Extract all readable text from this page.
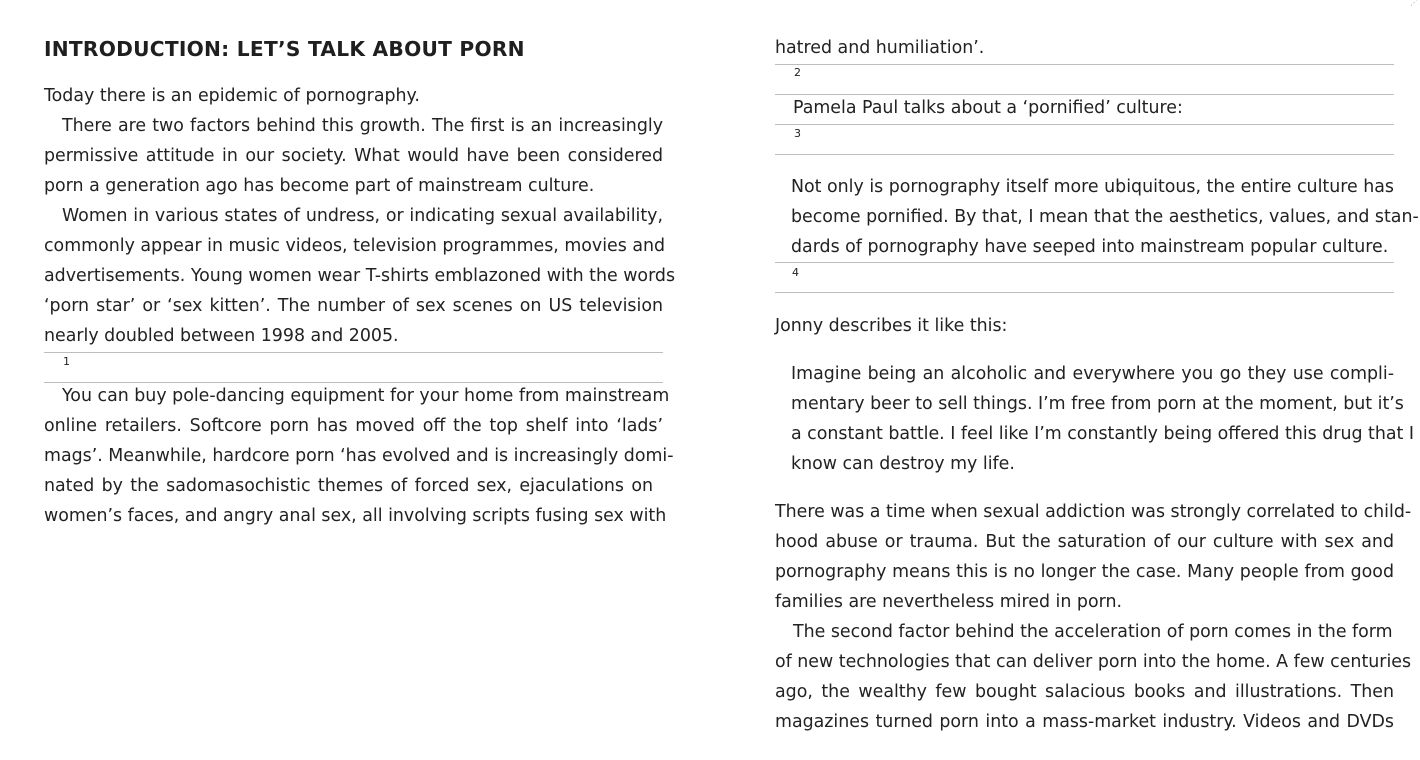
INTRODUCTION: LET’S TALK ABOUT PORN
Today there is an epidemic of pornography.
There are two factors behind this growth. The first is an increasingly
permissive attitude in our society. What would have been considered
porn a generation ago has become part of mainstream culture.
Women in various states of undress, or indicating sexual availability,
commonly appear in music videos, television programmes, movies and
advertisements. Young women wear T-shirts emblazoned with the words
‘porn star’ or ‘sex kitten’. The number of sex scenes on US television
nearly doubled between 1998 and 2005.
1
You can buy pole-dancing equipment for your home from mainstream
online retailers. Softcore porn has moved off the top shelf into ‘lads’
mags’. Meanwhile, hardcore porn ‘has evolved and is increasingly domi-
nated by the sadomasochistic themes of forced sex, ejaculations on
women’s faces, and angry anal sex, all involving scripts fusing sex with
hatred and humiliation’.
2
Pamela Paul talks about a ‘pornified’ culture:
3
Not only is pornography itself more ubiquitous, the entire culture has
become pornified. By that, I mean that the aesthetics, values, and stan-
dards of pornography have seeped into mainstream popular culture.
4
Jonny describes it like this:
Imagine being an alcoholic and everywhere you go they use compli-
mentary beer to sell things. I’m free from porn at the moment, but it’s
a constant battle. I feel like I’m constantly being offered this drug that I
know can destroy my life.
There was a time when sexual addiction was strongly correlated to child-
hood abuse or trauma. But the saturation of our culture with sex and
pornography means this is no longer the case. Many people from good
families are nevertheless mired in porn.
The second factor behind the acceleration of porn comes in the form
of new technologies that can deliver porn into the home. A few centuries
ago, the wealthy few bought salacious books and illustrations. Then
magazines turned porn into a mass-market industry. Videos and DVDs
⋰
